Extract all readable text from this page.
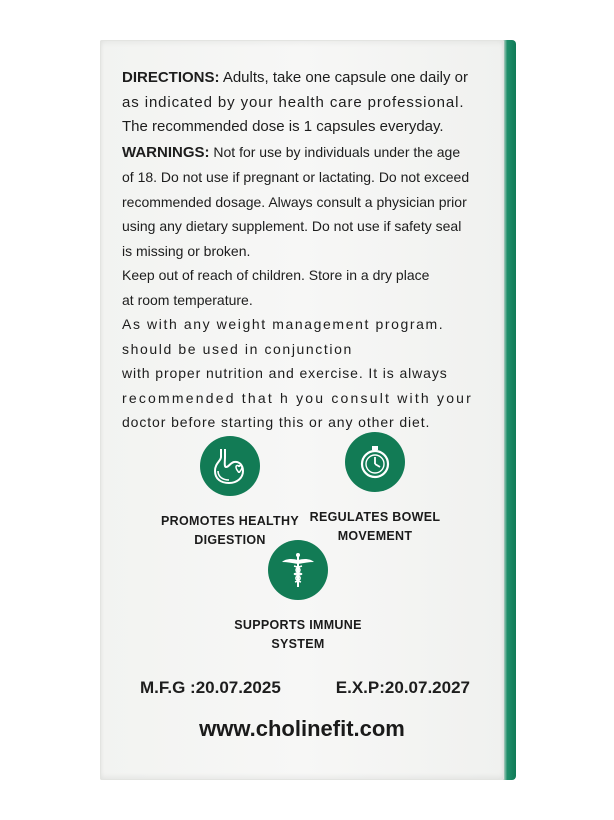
DIRECTIONS: Adults, take one capsule one daily or

as indicated by your health care professional.

The recommended dose is 1 capsules everyday.

WARNINGS: Not for use by individuals under the age

of 18. Do not use if pregnant or lactating. Do not exceed

recommended dosage. Always consult a physician prior

using any dietary supplement. Do not use if safety seal

is missing or broken.

Keep out of reach of children. Store in a dry place

at room temperature.

As with any weight management program.

should be used in conjunction

with proper nutrition and exercise. It is always

recommended that h you consult with your

doctor before starting this or any other diet.

PROMOTES HEALTHY
DIGESTION
REGULATES BOWEL
MOVEMENT
SUPPORTS IMMUNE
SYSTEM
M.F.G :20.07.2025	E.X.P:20.07.2027
www.cholinefit.com
